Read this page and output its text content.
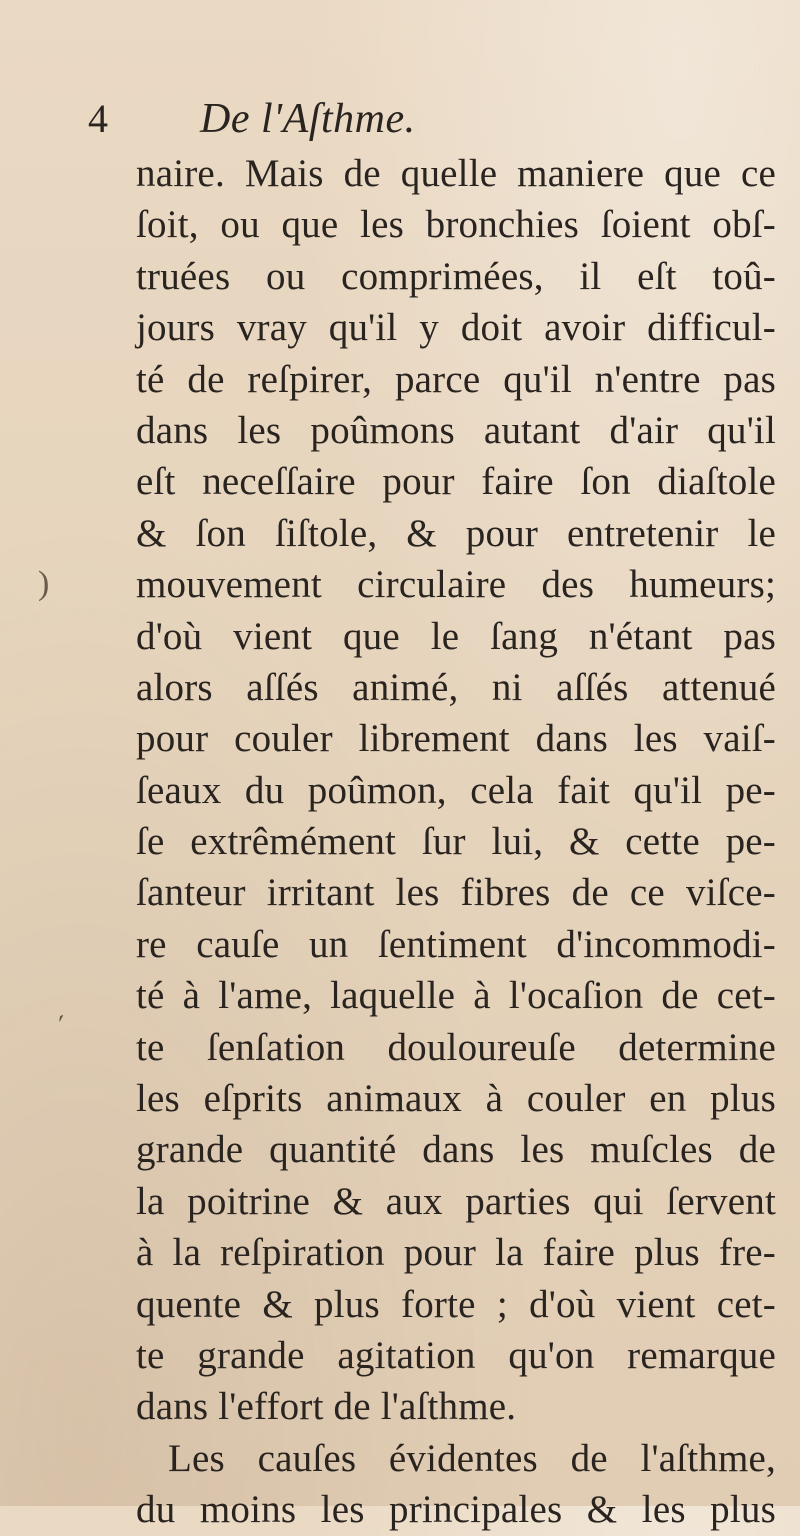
4 De l'Aſthme.
naire. Mais de quelle maniere que ce
ſoit, ou que les bronchies ſoient obſ-
truées ou comprimées, il eſt toû-
jours vray qu'il y doit avoir difficul-
té de reſpirer, parce qu'il n'entre pas
dans les poûmons autant d'air qu'il
eſt neceſſaire pour faire ſon diaſtole
& ſon ſiſtole, & pour entretenir le
mouvement circulaire des humeurs;
d'où vient que le ſang n'étant pas
alors aſſés animé, ni aſſés attenué
pour couler librement dans les vaiſ-
ſeaux du poûmon, cela fait qu'il pe-
ſe extrêmément ſur lui, & cette pe-
ſanteur irritant les fibres de ce viſce-
re cauſe un ſentiment d'incommodi-
té à l'ame, laquelle à l'ocaſion de cet-
te ſenſation douloureuſe determine
les eſprits animaux à couler en plus
grande quantité dans les muſcles de
la poitrine & aux parties qui ſervent
à la reſpiration pour la faire plus fre-
quente & plus forte ; d'où vient cet-
te grande agitation qu'on remarque
dans l'effort de l'aſthme.
Les cauſes évidentes de l'aſthme,
du moins les principales & les plus
)
´
